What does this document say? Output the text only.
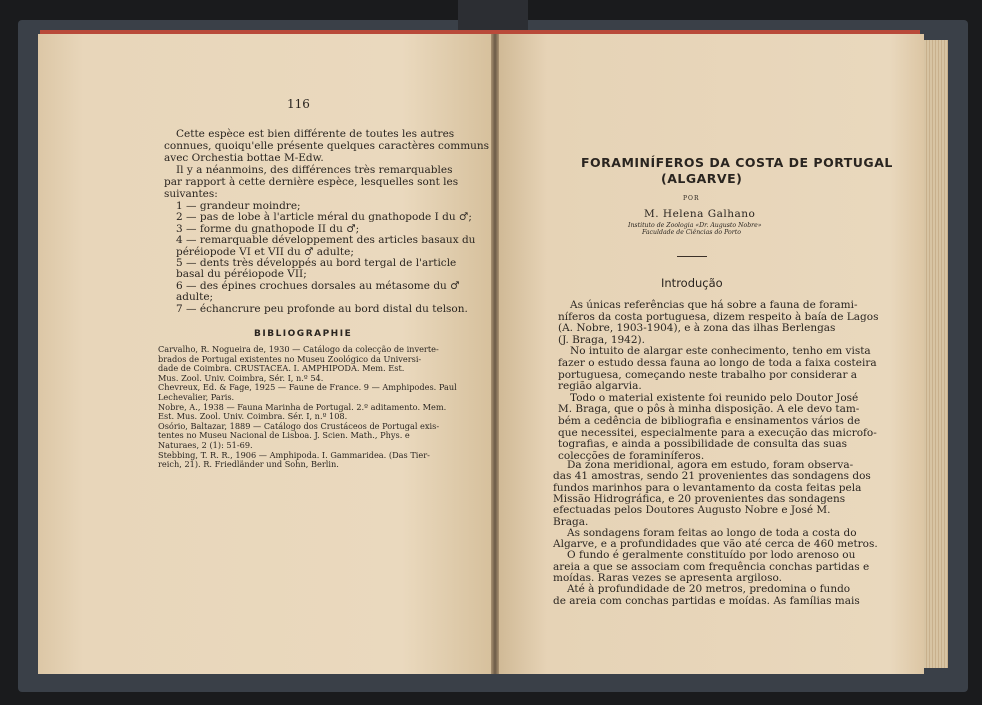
116
Cette espèce est bien différente de toutes les autres
connues, quoiqu'elle présente quelques caractères communs
avec Orchestia bottae M-Edw.
Il y a néanmoins, des différences très remarquables
par rapport à cette dernière espèce, lesquelles sont les
suivantes:
1 — grandeur moindre;
2 — pas de lobe à l'article méral du gnathopode I du ♂;
3 — forme du gnathopode II du ♂;
4 — remarquable développement des articles basaux du
péréiopode VI et VII du ♂ adulte;
5 — dents très développés au bord tergal de l'article
basal du péréiopode VII;
6 — des épines crochues dorsales au métasome du ♂
adulte;
7 — échancrure peu profonde au bord distal du telson.
BIBLIOGRAPHIE
Carvalho, R. Nogueira de, 1930 — Catálogo da colecção de inverte-
brados de Portugal existentes no Museu Zoológico da Universi-
dade de Coimbra. CRUSTACEA. I. AMPHIPODA. Mem. Est.
Mus. Zool. Univ. Coimbra, Sér. I, n.º 54.
Chevreux, Ed. & Fage, 1925 — Faune de France. 9 — Amphipodes. Paul
Lechevalier, Paris.
Nobre, A., 1938 — Fauna Marinha de Portugal. 2.º aditamento. Mem.
Est. Mus. Zool. Univ. Coimbra. Sér. I, n.º 108.
Osório, Baltazar, 1889 — Catálogo dos Crustáceos de Portugal exis-
tentes no Museu Nacional de Lisboa. J. Scien. Math., Phys. e
Naturaes, 2 (1): 51-69.
Stebbing, T. R. R., 1906 — Amphipoda. I. Gammaridea. (Das Tier-
reich, 21). R. Friedländer und Sohn, Berlin.
FORAMINÍFEROS DA COSTA DE PORTUGAL
(ALGARVE)
POR
M. Helena Galhano
Instituto de Zoologia «Dr. Augusto Nobre»
Faculdade de Ciências do Porto
Introdução
As únicas referências que há sobre a fauna de forami-
níferos da costa portuguesa, dizem respeito à baía de Lagos
(A. Nobre, 1903-1904), e à zona das ilhas Berlengas
(J. Braga, 1942).
No intuito de alargar este conhecimento, tenho em vista
fazer o estudo dessa fauna ao longo de toda a faixa costeira
portuguesa, começando neste trabalho por considerar a
região algarvia.
Todo o material existente foi reunido pelo Doutor José
M. Braga, que o pôs à minha disposição. A ele devo tam-
bém a cedência de bibliografia e ensinamentos vários de
que necessitei, especialmente para a execução das microfo-
tografias, e ainda a possibilidade de consulta das suas
colecções de foraminíferos.
Da zona meridional, agora em estudo, foram observa-
das 41 amostras, sendo 21 provenientes das sondagens dos
fundos marinhos para o levantamento da costa feitas pela
Missão Hidrográfica, e 20 provenientes das sondagens
efectuadas pelos Doutores Augusto Nobre e José M.
Braga.
As sondagens foram feitas ao longo de toda a costa do
Algarve, e a profundidades que vão até cerca de 460 metros.
O fundo é geralmente constituído por lodo arenoso ou
areia a que se associam com frequência conchas partidas e
moídas. Raras vezes se apresenta argiloso.
Até à profundidade de 20 metros, predomina o fundo
de areia com conchas partidas e moídas. As famílias mais
